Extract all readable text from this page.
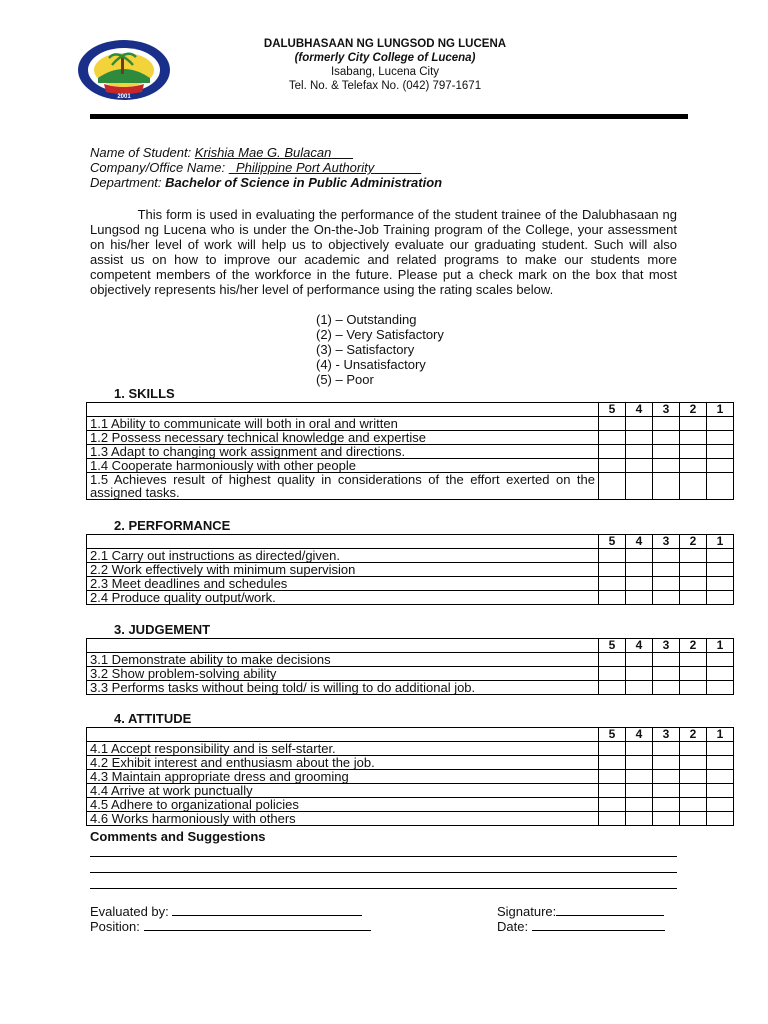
2001
DALUBHASAAN NG LUNGSOD NG LUCENA
(formerly City College of Lucena)
Isabang, Lucena City
Tel. No. & Telefax No. (042) 797-1671
Name of Student: Krishia Mae G. Bulacan
Company/Office Name: Philippine Port Authority
Department: Bachelor of Science in Public Administration

This form is used in evaluating the performance of the student trainee of the Dalubhasaan ng Lungsod ng Lucena who is under the On-the-Job Training program of the College, your assessment on his/her level of work will help us to objectively evaluate our graduating student. Such will also assist us on how to improve our academic and related programs to make our students more competent members of the workforce in the future. Please put a check mark on the box that most objectively represents his/her level of performance using the rating scales below.

(1) – Outstanding
(2) – Very Satisfactory
(3) – Satisfactory
(4) - Unsatisfactory
(5) – Poor
1. SKILLS
	5	4	3	2	1
1.1 Ability to communicate will both in oral and written					
1.2 Possess necessary technical knowledge and expertise					
1.3 Adapt to changing work assignment and directions.					
1.4 Cooperate harmoniously with other people					
1.5 Achieves result of highest quality in considerations of the effort exerted on the assigned tasks.					
2. PERFORMANCE
	5	4	3	2	1
2.1 Carry out instructions as directed/given.					
2.2 Work effectively with minimum supervision					
2.3 Meet deadlines and schedules					
2.4 Produce quality output/work.					
3. JUDGEMENT
	5	4	3	2	1
3.1 Demonstrate ability to make decisions					
3.2 Show problem-solving ability					
3.3 Performs tasks without being told/ is willing to do additional job.					
4. ATTITUDE
	5	4	3	2	1
4.1 Accept responsibility and is self-starter.					
4.2 Exhibit interest and enthusiasm about the job.					
4.3 Maintain appropriate dress and grooming					
4.4 Arrive at work punctually					
4.5 Adhere to organizational policies					
4.6 Works harmoniously with others					
Comments and Suggestions
Evaluated by:
Position:
Signature:
Date:
